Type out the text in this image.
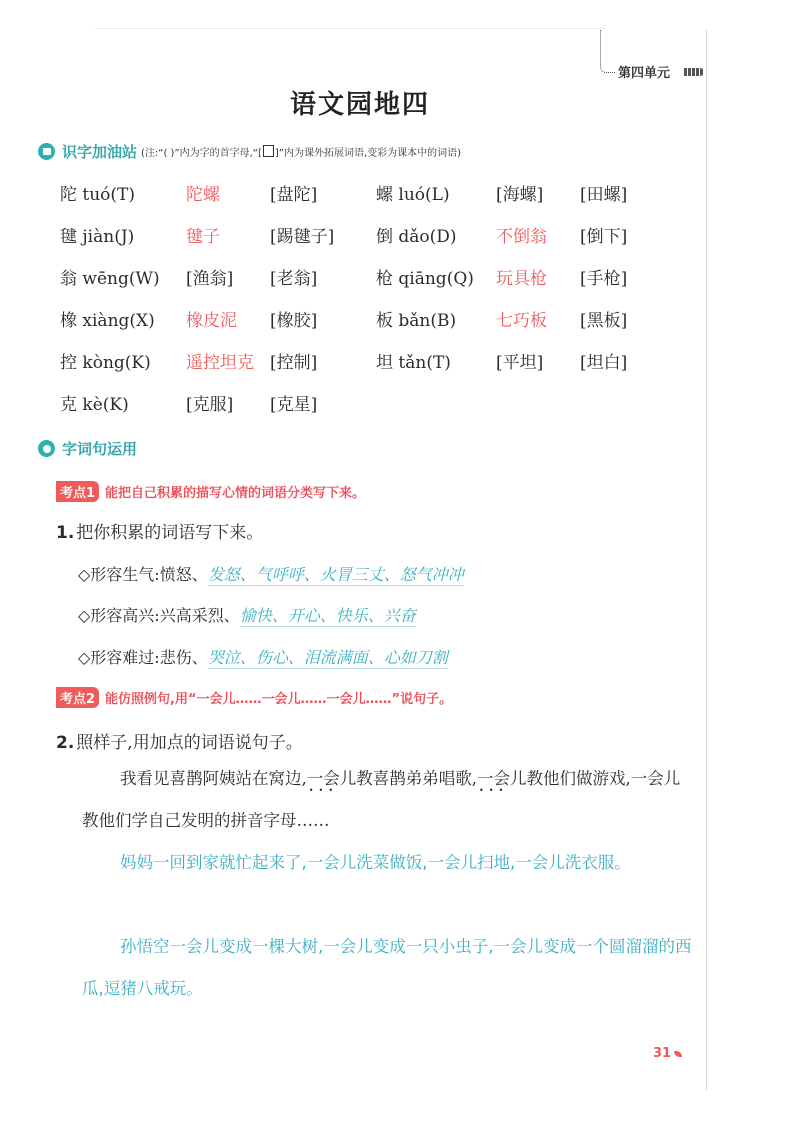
第四单元
语文园地四
识字加油站 (注:“( )”内为字的首字母,“[ ]”内为课外拓展词语,变彩为课本中的词语)
陀 tuó(T)	陀螺	[盘陀]	螺 luó(L)	[海螺] [田螺]
毽 jiàn(J)	毽子	[踢毽子] 倒 dǎo(D) 不倒翁 [倒下]
翁 wēng(W) [渔翁] [老翁]	枪 qiāng(Q) 玩具枪 [手枪]
橡 xiàng(X) 橡皮泥 [橡胶]	板 bǎn(B) 七巧板 [黑板]
控 kòng(K) 遥控坦克 [控制]	坦 tǎn(T)	[平坦] [坦白]
克 kè(K)	[克服] [克星]
字词句运用
考点1 能把自己积累的描写心情的词语分类写下来。
1. 把你积累的词语写下来。
◇形容生气:愤怒、发怒、气呼呼、火冒三丈、怒气冲冲
◇形容高兴:兴高采烈、愉快、开心、快乐、兴奋
◇形容难过:悲伤、哭泣、伤心、泪流满面、心如刀割
考点2 能仿照例句,用“一会儿……一会儿……一会儿……”说句子。
2. 照样子,用加点的词语说句子。
我看见喜鹊阿姨站在窝边,一会儿 •  •  •教喜鹊弟弟唱歌,一会儿 •  •  •教他们做游戏,一会儿教他们学自己发明的拼音字母……
妈妈一回到家就忙起来了,一会儿洗菜做饭,一会儿扫地,一会儿洗衣服。
孙悟空一会儿变成一棵大树,一会儿变成一只小虫子,一会儿变成一个圆溜溜的西瓜,逗猪八戒玩。
31
